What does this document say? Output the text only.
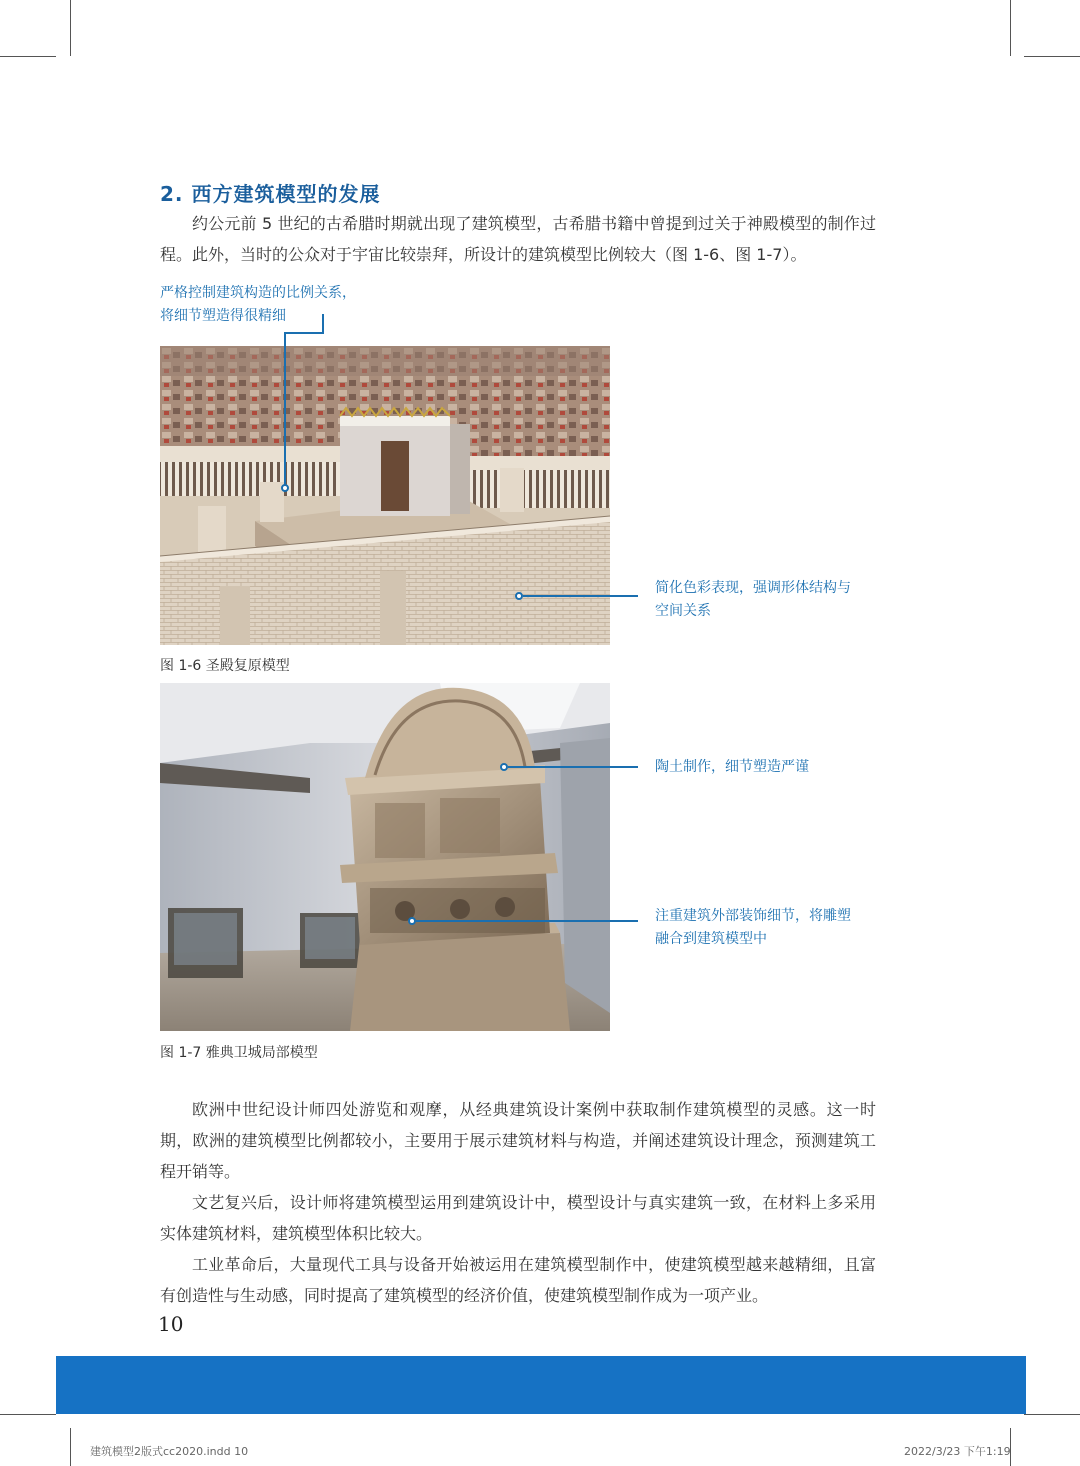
2. 西方建筑模型的发展

约公元前 5 世纪的古希腊时期就出现了建筑模型，古希腊书籍中曾提到过关于神殿模型的制作过程。此外，当时的公众对于宇宙比较崇拜，所设计的建筑模型比例较大（图 1-6、图 1-7）。

严格控制建筑构造的比例关系，
将细节塑造得很精细
简化色彩表现，强调形体结构与
空间关系
图 1-6 圣殿复原模型
陶土制作，细节塑造严谨
注重建筑外部装饰细节，将雕塑
融合到建筑模型中
图 1-7 雅典卫城局部模型

欧洲中世纪设计师四处游览和观摩，从经典建筑设计案例中获取制作建筑模型的灵感。这一时期，欧洲的建筑模型比例都较小，主要用于展示建筑材料与构造，并阐述建筑设计理念，预测建筑工程开销等。

文艺复兴后，设计师将建筑模型运用到建筑设计中，模型设计与真实建筑一致，在材料上多采用实体建筑材料，建筑模型体积比较大。

工业革命后，大量现代工具与设备开始被运用在建筑模型制作中，使建筑模型越来越精细，且富有创造性与生动感，同时提高了建筑模型的经济价值，使建筑模型制作成为一项产业。

10
建筑模型2版式cc2020.indd 10	2022/3/23 下午1:19
